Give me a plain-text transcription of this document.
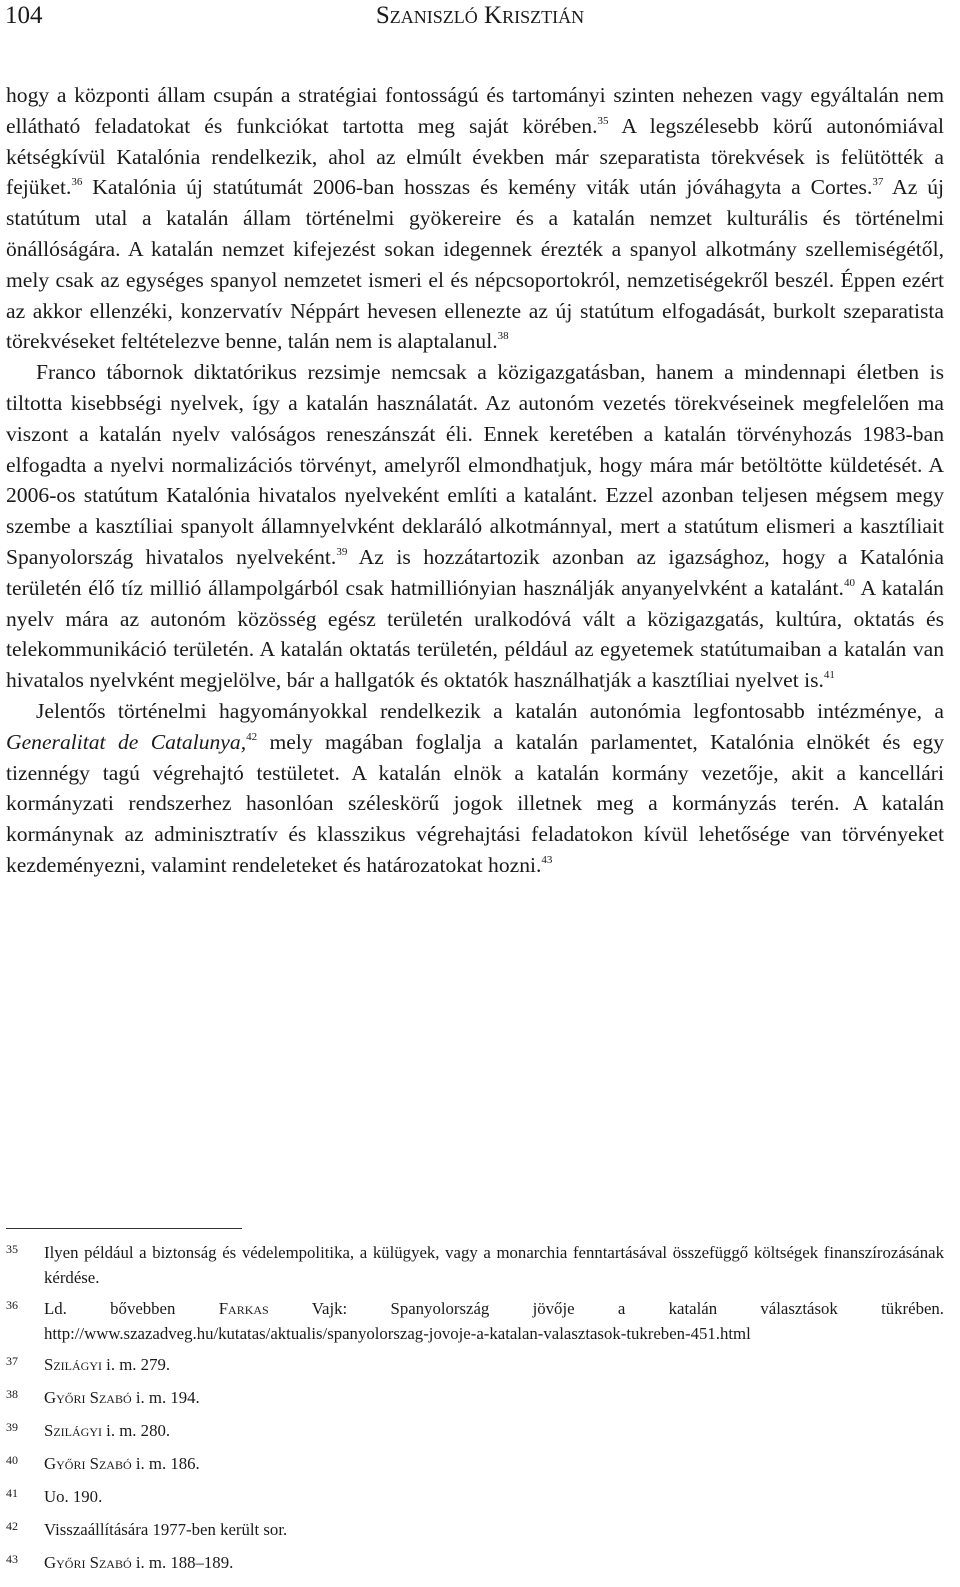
104	Szaniszló Krisztián

hogy a központi állam csupán a stratégiai fontosságú és tartományi szinten nehezen vagy egyáltalán nem ellátható feladatokat és funkciókat tartotta meg saját körében.$^{35}$ A legszélesebb körű autonómiával kétségkívül Katalónia rendelkezik, ahol az elmúlt években már szeparatista törekvések is felütötték a fejüket.$^{36}$ Katalónia új statútumát 2006-ban hosszas és kemény viták után jóváhagyta a Cortes.$^{37}$ Az új statútum utal a katalán állam történelmi gyökereire és a katalán nemzet kulturális és történelmi önállóságára. A katalán nemzet kifejezést sokan idegennek érezték a spanyol alkotmány szellemiségétől, mely csak az egységes spanyol nemzetet ismeri el és népcsoportokról, nemzetiségekről beszél. Éppen ezért az akkor ellenzéki, konzervatív Néppárt hevesen ellenezte az új statútum elfogadását, burkolt szeparatista törekvéseket feltételezve benne, talán nem is alaptalanul.$^{38}$

Franco tábornok diktatórikus rezsimje nemcsak a közigazgatásban, hanem a mindennapi életben is tiltotta kisebbségi nyelvek, így a katalán használatát. Az autonóm vezetés törekvéseinek megfelelően ma viszont a katalán nyelv valóságos reneszánszát éli. Ennek keretében a katalán törvényhozás 1983-ban elfogadta a nyelvi normalizációs törvényt, amelyről elmondhatjuk, hogy mára már betöltötte küldetését. A 2006-os statútum Katalónia hivatalos nyelveként említi a katalánt. Ezzel azonban teljesen mégsem megy szembe a kasztíliai spanyolt államnyelvként deklaráló alkotmánnyal, mert a statútum elismeri a kasztíliait Spanyolország hivatalos nyelveként.$^{39}$ Az is hozzátartozik azonban az igazsághoz, hogy a Katalónia területén élő tíz millió állampolgárból csak hatmilliónyian használják anyanyelvként a katalánt.$^{40}$ A katalán nyelv mára az autonóm közösség egész területén uralkodóvá vált a közigazgatás, kultúra, oktatás és telekommunikáció területén. A katalán oktatás területén, például az egyetemek statútumaiban a katalán van hivatalos nyelvként megjelölve, bár a hallgatók és oktatók használhatják a kasztíliai nyelvet is.$^{41}$

Jelentős történelmi hagyományokkal rendelkezik a katalán autonómia legfontosabb intézménye, a Generalitat de Catalunya,$^{42}$ mely magában foglalja a katalán parlamentet, Katalónia elnökét és egy tizennégy tagú végrehajtó testületet. A katalán elnök a katalán kormány vezetője, akit a kancellári kormányzati rendszerhez hasonlóan széleskörű jogok illetnek meg a kormányzás terén. A katalán kormánynak az adminisztratív és klasszikus végrehajtási feladatokon kívül lehetősége van törvényeket kezdeményezni, valamint rendeleteket és határozatokat hozni.$^{43}$

35 Ilyen például a biztonság és védelempolitika, a külügyek, vagy a monarchia fenntartásával összefüggő költségek finanszírozásának kérdése.
36 Ld. bővebben Farkas Vajk: Spanyolország jövője a katalán választások tükrében. http://www.szazadveg.hu/kutatas/aktualis/spanyolorszag-jovoje-a-katalan-valasztasok-tukreben-451.html
37 Szilágyi i. m. 279.
38 Győri Szabó i. m. 194.
39 Szilágyi i. m. 280.
40 Győri Szabó i. m. 186.
41 Uo. 190.
42 Visszaállítására 1977-ben került sor.
43 Győri Szabó i. m. 188–189.
